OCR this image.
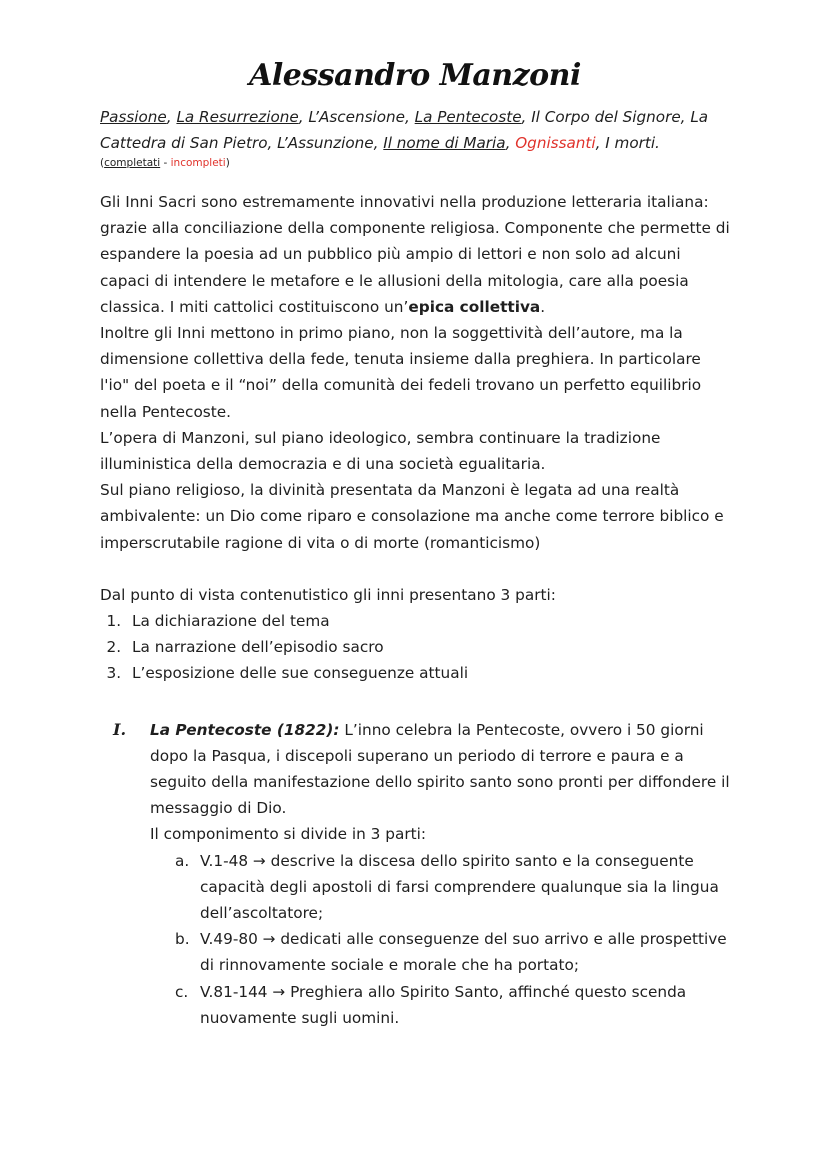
Alessandro Manzoni
Passione, La Resurrezione, L’Ascensione, La Pentecoste, Il Corpo del Signore, La Cattedra di San Pietro, L’Assunzione, Il nome di Maria, Ognissanti, I morti.
(completati - incompleti)

Gli Inni Sacri sono estremamente innovativi nella produzione letteraria italiana: grazie alla conciliazione della componente religiosa. Componente che permette di espandere la poesia ad un pubblico più ampio di lettori e non solo ad alcuni capaci di intendere le metafore e le allusioni della mitologia, care alla poesia classica. I miti cattolici costituiscono un’epica collettiva.

Inoltre gli Inni mettono in primo piano, non la soggettività dell’autore, ma la dimensione collettiva della fede, tenuta insieme dalla preghiera. In particolare l'io" del poeta e il “noi” della comunità dei fedeli trovano un perfetto equilibrio nella Pentecoste.

L’opera di Manzoni, sul piano ideologico, sembra continuare la tradizione illuministica della democrazia e di una società egualitaria.

Sul piano religioso, la divinità presentata da Manzoni è legata ad una realtà ambivalente: un Dio come riparo e consolazione ma anche come terrore biblico e imperscrutabile ragione di vita o di morte (romanticismo)

Dal punto di vista contenutistico gli inni presentano 3 parti:

1. La dichiarazione del tema
2. La narrazione dell’episodio sacro
3. L’esposizione delle sue conseguenze attuali
I. La Pentecoste (1822): L’inno celebra la Pentecoste, ovvero i 50 giorni dopo la Pasqua, i discepoli superano un periodo di terrore e paura e a seguito della manifestazione dello spirito santo sono pronti per diffondere il messaggio di Dio.
Il componimento si divide in 3 parti:
a. V.1-48 → descrive la discesa dello spirito santo e la conseguente capacità degli apostoli di farsi comprendere qualunque sia la lingua dell’ascoltatore;
b. V.49-80 → dedicati alle conseguenze del suo arrivo e alle prospettive di rinnovamente sociale e morale che ha portato;
c. V.81-144 → Preghiera allo Spirito Santo, affinché questo scenda nuovamente sugli uomini.
